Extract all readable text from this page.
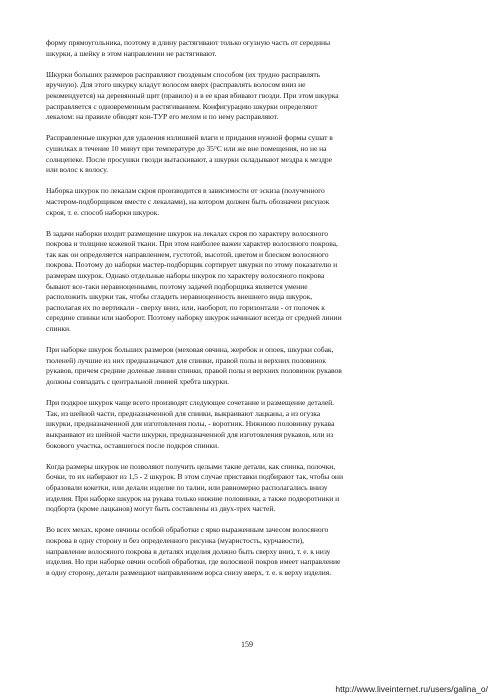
форму прямоугольника, поэтому в длину растягивают только огузную часть от середины
шкурки, а шейку в этом направлении не растягивают.
Шкурки больших размеров расправляют гвоздевым способом (их трудно расправлять
вручную). Для этого шкурку кладут волосом вверх (расправлять волосом вниз не
рекомендуется) на деревянный щит (правило) и в ее края вбивают гвозди. При этом шкурка
расправляется с одновременным растягиванием. Конфигурацию шкурки определяют
лекалом: на правиле обводят кон-ТУР его мелом и по нему расправляют.
Расправленные шкурки для удаления излишней влаги и придания нужной формы сушат в
сушилках в течение 10 минут при температуре до 35°С или же вне помещения, но не на
солнцепеке. После просушки гвозди вытаскивают, а шкурки складывают мездра к мездре
или волос к волосу.
Наборка шкурок по лекалам скроя производится в зависимости от эскиза (полученного
мастером-подборщиком вместе с лекалами), на котором должен быть обозначен рисунок
скроя, т. е. способ наборки шкурок.
В задачи наборки входит размещение шкурок на лекалах скроя по характеру волосяного
покрова и толщине кожевой ткани. При этом наиболее важен характер волосяного покрова,
так как он определяется направлением, густотой, высотой, цветом и блеском волосяного
покрова. Поэтому до наборки мастер-подборщик сортирует шкурки по этому показателю и
размерам шкурок. Однако отдельные наборы шкурок по характеру волосяного покрова
бывают все-таки неравноценными, поэтому задачей подборщика является умение
расположить шкурки так, чтобы сгладить неравноценность внешнего вида шкурок,
располагая их по вертикали - сверху вниз, или, наоборот, по горизонтали - от полочек к
середине спинки или наоборот. Поэтому наборку шкурок начинают всегда от средней линии
спинки.
При наборке шкурок больших размеров (меховая овчина, жеребок и опоек, шкурки собак,
тюленей) лучшие из них предназначают для спинки, правой полы и верхних половинок
рукавов, причем средние доленые линии спинки, правой полы и верхних половинок рукавов
должны совпадать с центральной линией хребта шкурки.
При подкрое шкурок чаще всего производят следующее сочетание и размещение деталей.
Так, из шейной части, предназначенной для спинки, выкраивают лацканы, а из огузка
шкурки, предназначенной для изготовления полы, - воротник. Нижнюю половинку рукава
выкраивают из шейной части шкурки, предназначенной для изготовления рукавов, или из
бокового участка, оставшегося после подкроя спинки.
Когда размеры шкурок не позволяют получить целыми такие детали, как спинка, полочки,
бочки, то их набирают из 1,5 - 2 шкурок. В этом случае приставки подбирают так, чтобы они
образовали кокетки, или делали изделие по талии, или равномерно располагались внизу
изделия. При наборке шкурок на рукава только нижние половинки, а также подворотники и
подборта (кроме лацканов) могут быть составлены из двух-трех частей.
Во всех мехах, кроме овчины особой обработки с ярко выраженным зачесом волосяного
покрова в одну сторону и без определенного рисунка (муаристость, курчавости),
направление волосяного покрова в деталях изделия должно быть сверху вниз, т. е. к низу
изделия. Но при наборке овчин особой обработки, где волосяной покров имеет направление
в одну сторону, детали размещают направлением ворса снизу вверх, т. е. к верху изделия.
159
http://www.liveinternet.ru/users/galina_o/
